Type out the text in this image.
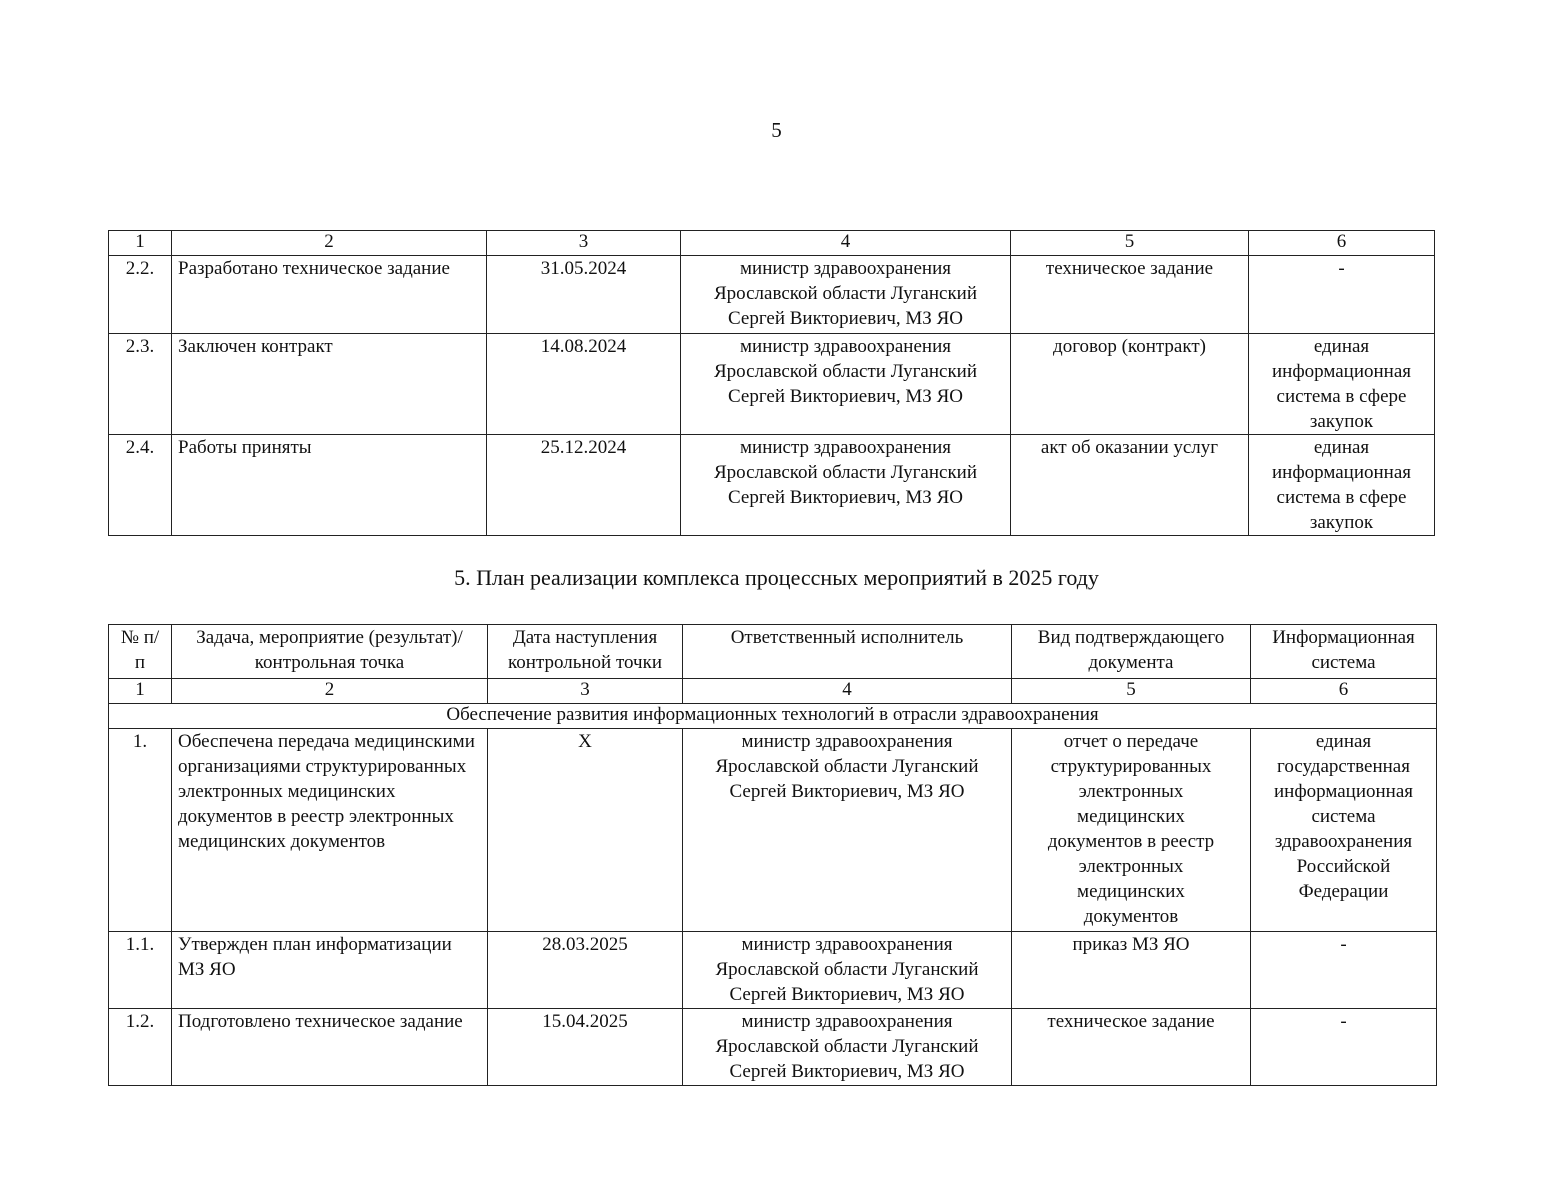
5
1	2	3	4	5	6
2.2.	Разработано техническое задание	31.05.2024	министр здравоохранения Ярославской области Луганский Сергей Викториевич, МЗ ЯО	техническое задание	-
2.3.	Заключен контракт	14.08.2024	министр здравоохранения Ярославской области Луганский Сергей Викториевич, МЗ ЯО	договор (контракт)	единая информационная система в сфере закупок
2.4.	Работы приняты	25.12.2024	министр здравоохранения Ярославской области Луганский Сергей Викториевич, МЗ ЯО	акт об оказании услуг	единая информационная система в сфере закупок
5. План реализации комплекса процессных мероприятий в 2025 году
№ п/п	Задача, мероприятие (результат)/ контрольная точка	Дата наступления контрольной точки	Ответственный исполнитель	Вид подтверждающего документа	Информационная система
1	2	3	4	5	6
Обеспечение развития информационных технологий в отрасли здравоохранения					
1.	Обеспечена передача медицинскими организациями структурированных электронных медицинских документов в реестр электронных медицинских документов	X	министр здравоохранения Ярославской области Луганский Сергей Викториевич, МЗ ЯО	отчет о передаче структурированных электронных медицинских документов в реестр электронных медицинских документов	единая государственная информационная система здравоохранения Российской Федерации
1.1.	Утвержден план информатизации МЗ ЯО	28.03.2025	министр здравоохранения Ярославской области Луганский Сергей Викториевич, МЗ ЯО	приказ МЗ ЯО	-
1.2.	Подготовлено техническое задание	15.04.2025	министр здравоохранения Ярославской области Луганский Сергей Викториевич, МЗ ЯО	техническое задание	-
